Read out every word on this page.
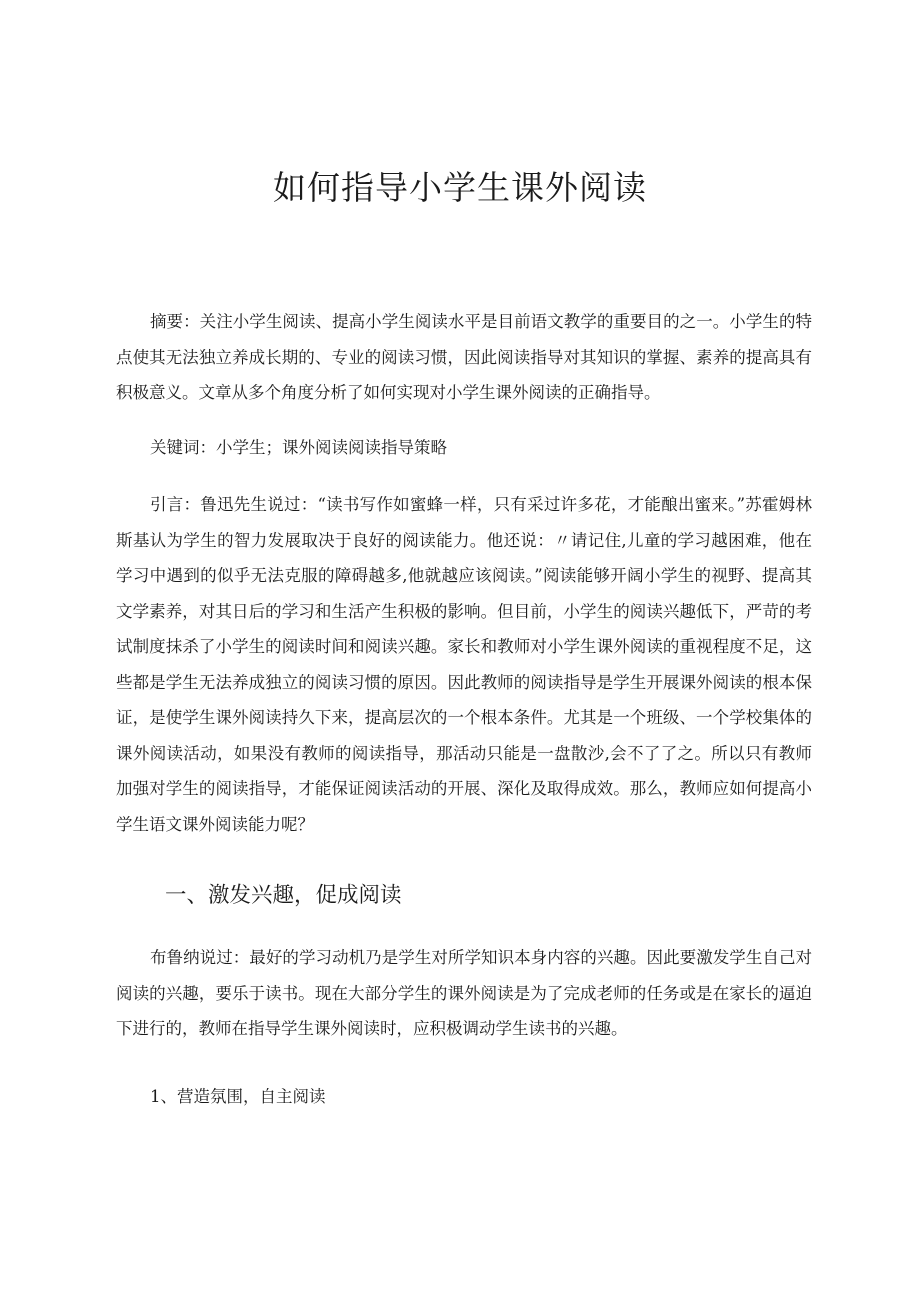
如何指导小学生课外阅读

摘要：关注小学生阅读、提高小学生阅读水平是目前语文教学的重要目的之一。小学生的特点使其无法独立养成长期的、专业的阅读习惯，因此阅读指导对其知识的掌握、素养的提高具有积极意义。文章从多个角度分析了如何实现对小学生课外阅读的正确指导。

关键词：小学生；课外阅读阅读指导策略

引言：鲁迅先生说过：“读书写作如蜜蜂一样，只有采过许多花，才能酿出蜜来。”苏霍姆林斯基认为学生的智力发展取决于良好的阅读能力。他还说：〃请记住,儿童的学习越困难，他在学习中遇到的似乎无法克服的障碍越多,他就越应该阅读。”阅读能够开阔小学生的视野、提高其文学素养，对其日后的学习和生活产生积极的影响。但目前，小学生的阅读兴趣低下，严苛的考试制度抹杀了小学生的阅读时间和阅读兴趣。家长和教师对小学生课外阅读的重视程度不足，这些都是学生无法养成独立的阅读习惯的原因。因此教师的阅读指导是学生开展课外阅读的根本保证，是使学生课外阅读持久下来，提高层次的一个根本条件。尤其是一个班级、一个学校集体的课外阅读活动，如果没有教师的阅读指导，那活动只能是一盘散沙,会不了了之。所以只有教师加强对学生的阅读指导，才能保证阅读活动的开展、深化及取得成效。那么，教师应如何提高小学生语文课外阅读能力呢？

一、激发兴趣，促成阅读

布鲁纳说过：最好的学习动机乃是学生对所学知识本身内容的兴趣。因此要激发学生自己对阅读的兴趣，要乐于读书。现在大部分学生的课外阅读是为了完成老师的任务或是在家长的逼迫下进行的，教师在指导学生课外阅读时，应积极调动学生读书的兴趣。

1、营造氛围，自主阅读
